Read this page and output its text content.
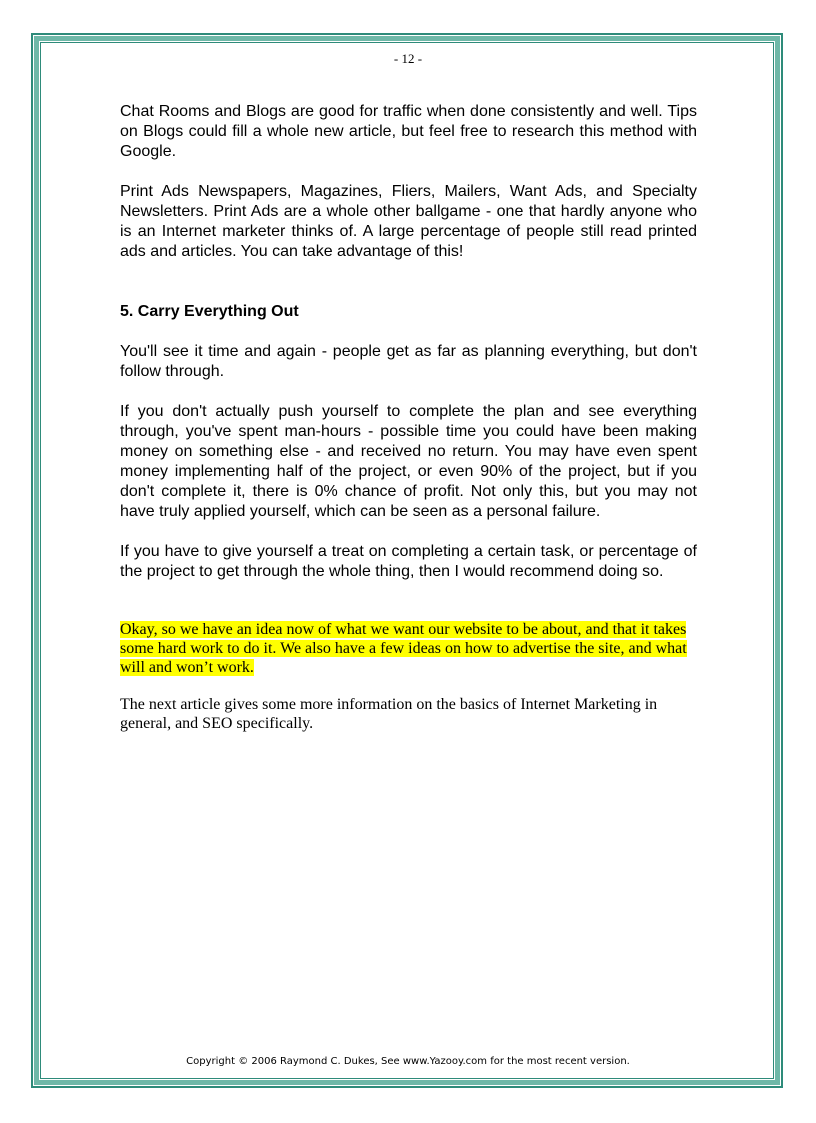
- 12 -

Chat Rooms and Blogs are good for traffic when done consistently and well. Tips on Blogs could fill a whole new article, but feel free to research this method with Google.

Print Ads Newspapers, Magazines, Fliers, Mailers, Want Ads, and Specialty Newsletters. Print Ads are a whole other ballgame - one that hardly anyone who is an Internet marketer thinks of. A large percentage of people still read printed ads and articles. You can take advantage of this!

5. Carry Everything Out

You'll see it time and again - people get as far as planning everything, but don't follow through.

If you don't actually push yourself to complete the plan and see everything through, you've spent man-hours - possible time you could have been making money on something else - and received no return. You may have even spent money implementing half of the project, or even 90% of the project, but if you don't complete it, there is 0% chance of profit. Not only this, but you may not have truly applied yourself, which can be seen as a personal failure.

If you have to give yourself a treat on completing a certain task, or percentage of the project to get through the whole thing, then I would recommend doing so.

Okay, so we have an idea now of what we want our website to be about, and that it takes some hard work to do it. We also have a few ideas on how to advertise the site, and what will and won’t work.

The next article gives some more information on the basics of Internet Marketing in general, and SEO specifically.

Copyright © 2006 Raymond C. Dukes, See www.Yazooy.com for the most recent version.
